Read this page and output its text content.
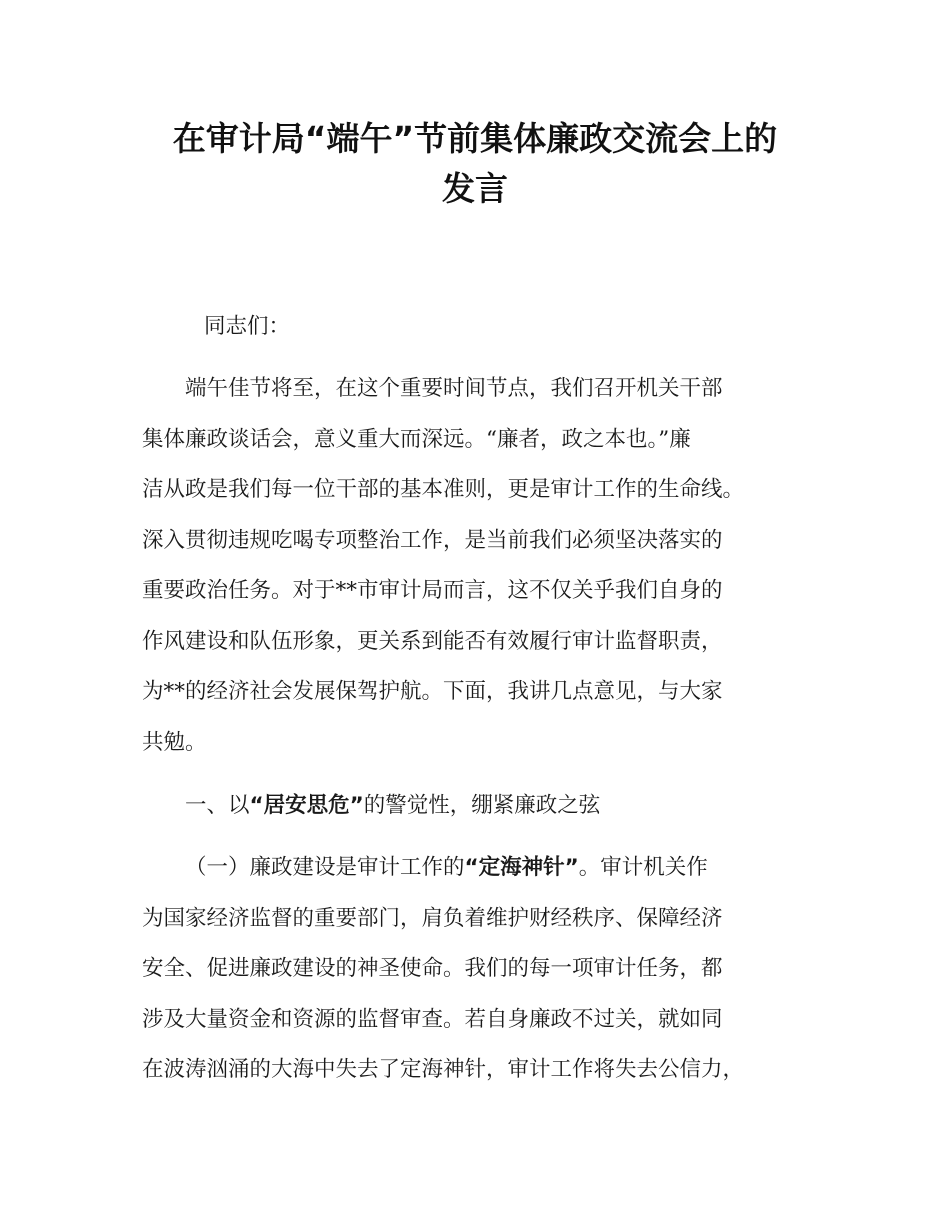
在审计局“端午”节前集体廉政交流会上的
发言
同志们：
端午佳节将至，在这个重要时间节点，我们召开机关干部
集体廉政谈话会，意义重大而深远。“廉者，政之本也。”廉
洁从政是我们每一位干部的基本准则，更是审计工作的生命线。
深入贯彻违规吃喝专项整治工作，是当前我们必须坚决落实的
重要政治任务。对于**市审计局而言，这不仅关乎我们自身的
作风建设和队伍形象，更关系到能否有效履行审计监督职责，
为**的经济社会发展保驾护航。下面，我讲几点意见，与大家
共勉。
一、以“居安思危”的警觉性，绷紧廉政之弦
（一）廉政建设是审计工作的“定海神针”。审计机关作
为国家经济监督的重要部门，肩负着维护财经秩序、保障经济
安全、促进廉政建设的神圣使命。我们的每一项审计任务，都
涉及大量资金和资源的监督审查。若自身廉政不过关，就如同
在波涛汹涌的大海中失去了定海神针，审计工作将失去公信力，
